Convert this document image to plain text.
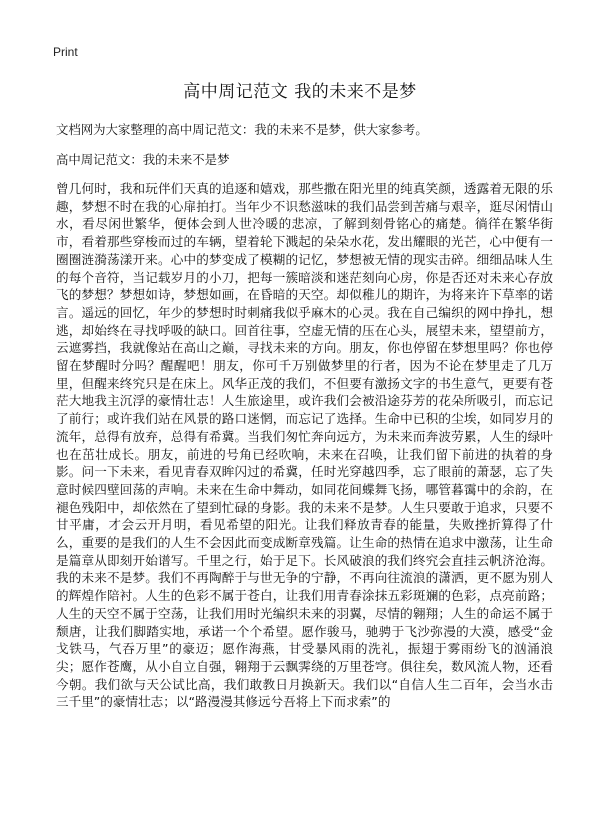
Print
高中周记范文 我的未来不是梦
文档网为大家整理的高中周记范文：我的未来不是梦，供大家参考。
高中周记范文：我的未来不是梦

曾几何时，我和玩伴们天真的追逐和嬉戏，那些撒在阳光里的纯真笑颜，透露着无限的乐趣，梦想不时在我的心扉拍打。当年少不识愁滋味的我们品尝到苦痛与艰辛，逛尽闲情山水，看尽闲世繁华，便体会到人世冷暖的悲凉，了解到刻骨铭心的痛楚。徜徉在繁华街市，看着那些穿梭而过的车辆，望着轮下溅起的朵朵水花，发出耀眼的光芒，心中便有一圈圈涟漪荡漾开来。心中的梦变成了模糊的记忆，梦想被无情的现实击碎。细细品味人生的每个音符，当记载岁月的小刀，把每一簇暗淡和迷茫刻向心房，你是否还对未来心存放飞的梦想？梦想如诗，梦想如画，在昏暗的天空。却似稚儿的期许，为将来许下草率的诺言。遥远的回忆，年少的梦想时时刺痛我似乎麻木的心灵。我在自己编织的网中挣扎，想逃，却始终在寻找呼吸的缺口。回首往事，空虚无情的压在心头，展望未来，望望前方，云遮雾挡，我就像站在高山之巅，寻找未来的方向。朋友，你也停留在梦想里吗？你也停留在梦醒时分吗？醒醒吧！朋友，你可千万别做梦里的行者，因为不论在梦里走了几万里，但醒来终究只是在床上。风华正茂的我们，不但要有激扬文字的书生意气，更要有苍茫大地我主沉浮的豪情壮志！人生旅途里，或许我们会被沿途芬芳的花朵所吸引，而忘记了前行；或许我们站在风景的路口迷惘，而忘记了选择。生命中已积的尘埃，如同岁月的流年，总得有放弃，总得有希冀。当我们匆忙奔向远方，为未来而奔波劳累，人生的绿叶也在茁壮成长。朋友，前进的号角已经吹响，未来在召唤，让我们留下前进的执着的身影。问一下未来，看见青春双眸闪过的希冀，任时光穿越四季，忘了眼前的萧瑟，忘了失意时候四壁回荡的声响。未来在生命中舞动，如同花间蝶舞飞扬，哪管暮霭中的余韵，在褪色残阳中，却依然在了望到忙碌的身影。我的未来不是梦。人生只要敢于追求，只要不甘平庸，才会云开月明，看见希望的阳光。让我们释放青春的能量，失败挫折算得了什么，重要的是我们的人生不会因此而变成断章残篇。让生命的热情在追求中激荡，让生命是篇章从即刻开始谱写。千里之行，始于足下。长风破浪的我们终究会直挂云帆济沧海。我的未来不是梦。我们不再陶醉于与世无争的宁静，不再向往流浪的潇洒，更不愿为别人的辉煌作陪衬。人生的色彩不属于苍白，让我们用青春涂抹五彩斑斓的色彩，点亮前路；人生的天空不属于空荡，让我们用时光编织未来的羽翼，尽情的翱翔；人生的命运不属于颓唐，让我们脚踏实地，承诺一个个希望。愿作骏马，驰骋于飞沙弥漫的大漠，感受“金戈铁马，气吞万里”的豪迈；愿作海燕，甘受暴风雨的洗礼，振翅于雾雨纷飞的汹涌浪尖；愿作苍鹰，从小自立自强，翱翔于云飘霁绕的万里苍穹。俱往矣，数风流人物，还看今朝。我们欲与天公试比高，我们敢教日月换新天。我们以“自信人生二百年，会当水击三千里”的豪情壮志；以“路漫漫其修远兮吾将上下而求索”的
